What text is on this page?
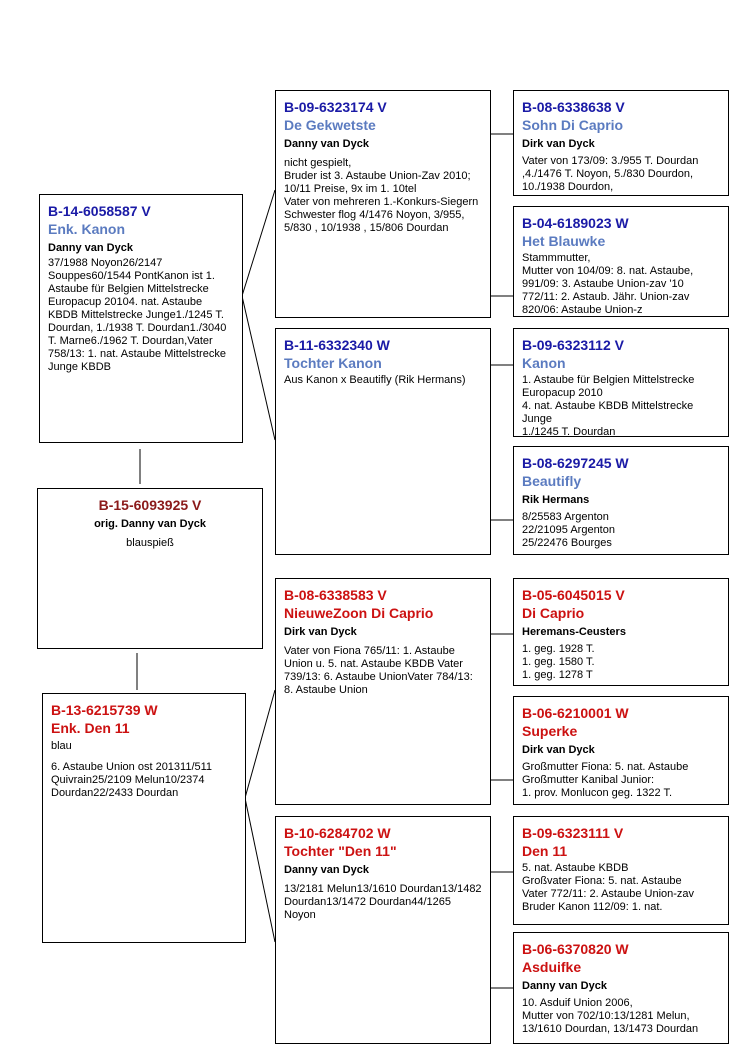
B-15-6093925 V
orig. Danny van Dyck
blauspieß
B-14-6058587 V
Enk. Kanon
Danny van Dyck
37/1988 Noyon26/2147 Souppes60/1544 PontKanon ist 1. Astaube für Belgien Mittelstrecke Europacup 20104. nat. Astaube KBDB Mittelstrecke Junge1./1245 T. Dourdan, 1./1938 T. Dourdan1./3040 T. Marne6./1962 T. Dourdan,Vater 758/13: 1. nat. Astaube Mittelstrecke Junge KBDB
B-13-6215739 W
Enk. Den 11
blau
6. Astaube Union ost 201311/511 Quivrain25/2109 Melun10/2374 Dourdan22/2433 Dourdan
B-09-6323174 V
De Gekwetste
Danny van Dyck
nicht gespielt,
Bruder ist 3. Astaube Union-Zav 2010; 10/11 Preise, 9x im 1. 10tel
Vater von mehreren 1.-Konkurs-Siegern
Schwester flog 4/1476 Noyon, 3/955, 5/830 , 10/1938 , 15/806 Dourdan
B-11-6332340 W
Tochter Kanon
Aus Kanon x Beautifly (Rik Hermans)
B-08-6338583 V
NieuweZoon Di Caprio
Dirk van Dyck
Vater von Fiona 765/11: 1. Astaube Union u. 5. nat. Astaube KBDB Vater 739/13: 6. Astaube UnionVater 784/13: 8. Astaube Union
B-10-6284702 W
Tochter "Den 11"
Danny van Dyck
13/2181 Melun13/1610 Dourdan13/1482 Dourdan13/1472 Dourdan44/1265 Noyon
B-08-6338638 V
Sohn Di Caprio
Dirk van Dyck
Vater von 173/09: 3./955 T. Dourdan ,4./1476 T. Noyon, 5./830 Dourdon, 10./1938 Dourdon,
B-04-6189023 W
Het Blauwke
Stammmutter,
Mutter von 104/09: 8. nat. Astaube, 991/09: 3. Astaube Union-zav '10
772/11: 2. Astaub. Jähr. Union-zav
820/06: Astaube Union-z
B-09-6323112 V
Kanon
1. Astaube für Belgien Mittelstrecke Europacup 2010
4. nat. Astaube KBDB Mittelstrecke Junge
1./1245 T. Dourdan
B-08-6297245 W
Beautifly
Rik Hermans
8/25583 Argenton
22/21095 Argenton
25/22476 Bourges
B-05-6045015 V
Di Caprio
Heremans-Ceusters
1. geg. 1928 T.
1. geg. 1580 T.
1. geg. 1278 T
B-06-6210001 W
Superke
Dirk van Dyck
Großmutter Fiona: 5. nat. Astaube
Großmutter Kanibal Junior:
1. prov. Monlucon geg. 1322 T.
B-09-6323111 V
Den 11
5. nat. Astaube KBDB
Großvater Fiona: 5. nat. Astaube
Vater 772/11: 2. Astaube Union-zav
Bruder Kanon 112/09: 1. nat.
B-06-6370820 W
Asduifke
Danny van Dyck
10. Asduif Union 2006,
Mutter von 702/10:13/1281 Melun, 13/1610 Dourdan, 13/1473 Dourdan
